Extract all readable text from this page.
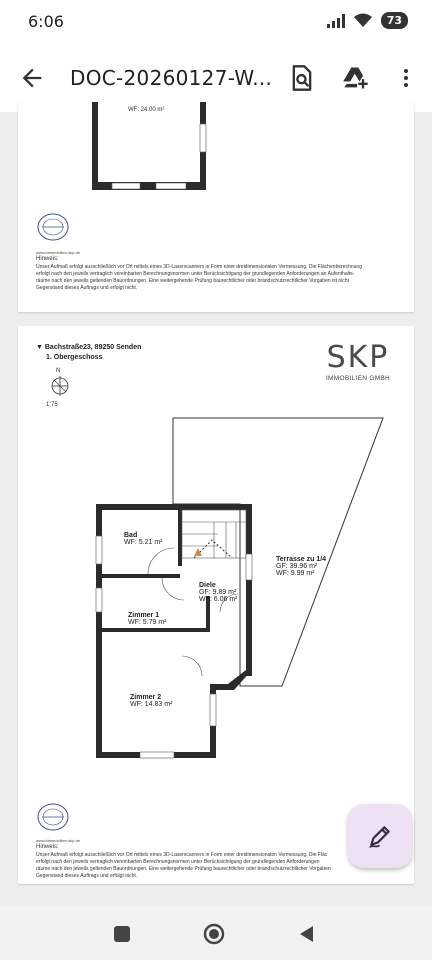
6:06	73
DOC-20260127-W...
WF: 24.00 m²
www.bimmobilien-skp.de
Hinweis:
Unser Aufmaß erfolgt ausschließlich vor Ort mittels eines 3D-Laserscanners in Form einer dreidimensionalen Vermessung. Die Flächenberechnung
erfolgt nach den jeweils vertraglich vereinbarten Berechnungsnormen unter Berücksichtigung der grundlegenden Anforderungen an Aufenthalts-
räume nach den jeweils geltenden Bauordnungen. Eine weitergehende Prüfung baurechtlicher oder brandschutzrechtlicher Vorgaben ist nicht
Gegenstand dieses Auftrags und erfolgt nicht.
▼ Bachstraße23, 89250 Senden
1. Obergeschoss
N
1:75
SKP
IMMOBILIEN GMBH
Bad
WF: 5.21 m²
Diele
GF: 9.89 m²
WF: 6.06 m²
Zimmer 1
WF: 5.79 m²
Zimmer 2
WF: 14.83 m²
Terrasse zu 1/4
GF: 39.96 m²
WF: 9.99 m²
www.bimmobilien-skp.de
Hinweis:
Unser Aufmaß erfolgt ausschließlich vor Ort mittels eines 3D-Laserscanners in Form einer dreidimensionalen Vermessung. Die Fläc
erfolgt nach den jeweils vertraglich vereinbarten Berechnungsnormen unter Berücksichtigung der grundlegenden Anforderungen
räume nach den jeweils geltenden Bauordnungen. Eine weitergehende Prüfung baurechtlicher oder brandschutzrechtlicher Vorgaben
Gegenstand dieses Auftrags und erfolgt nicht.
